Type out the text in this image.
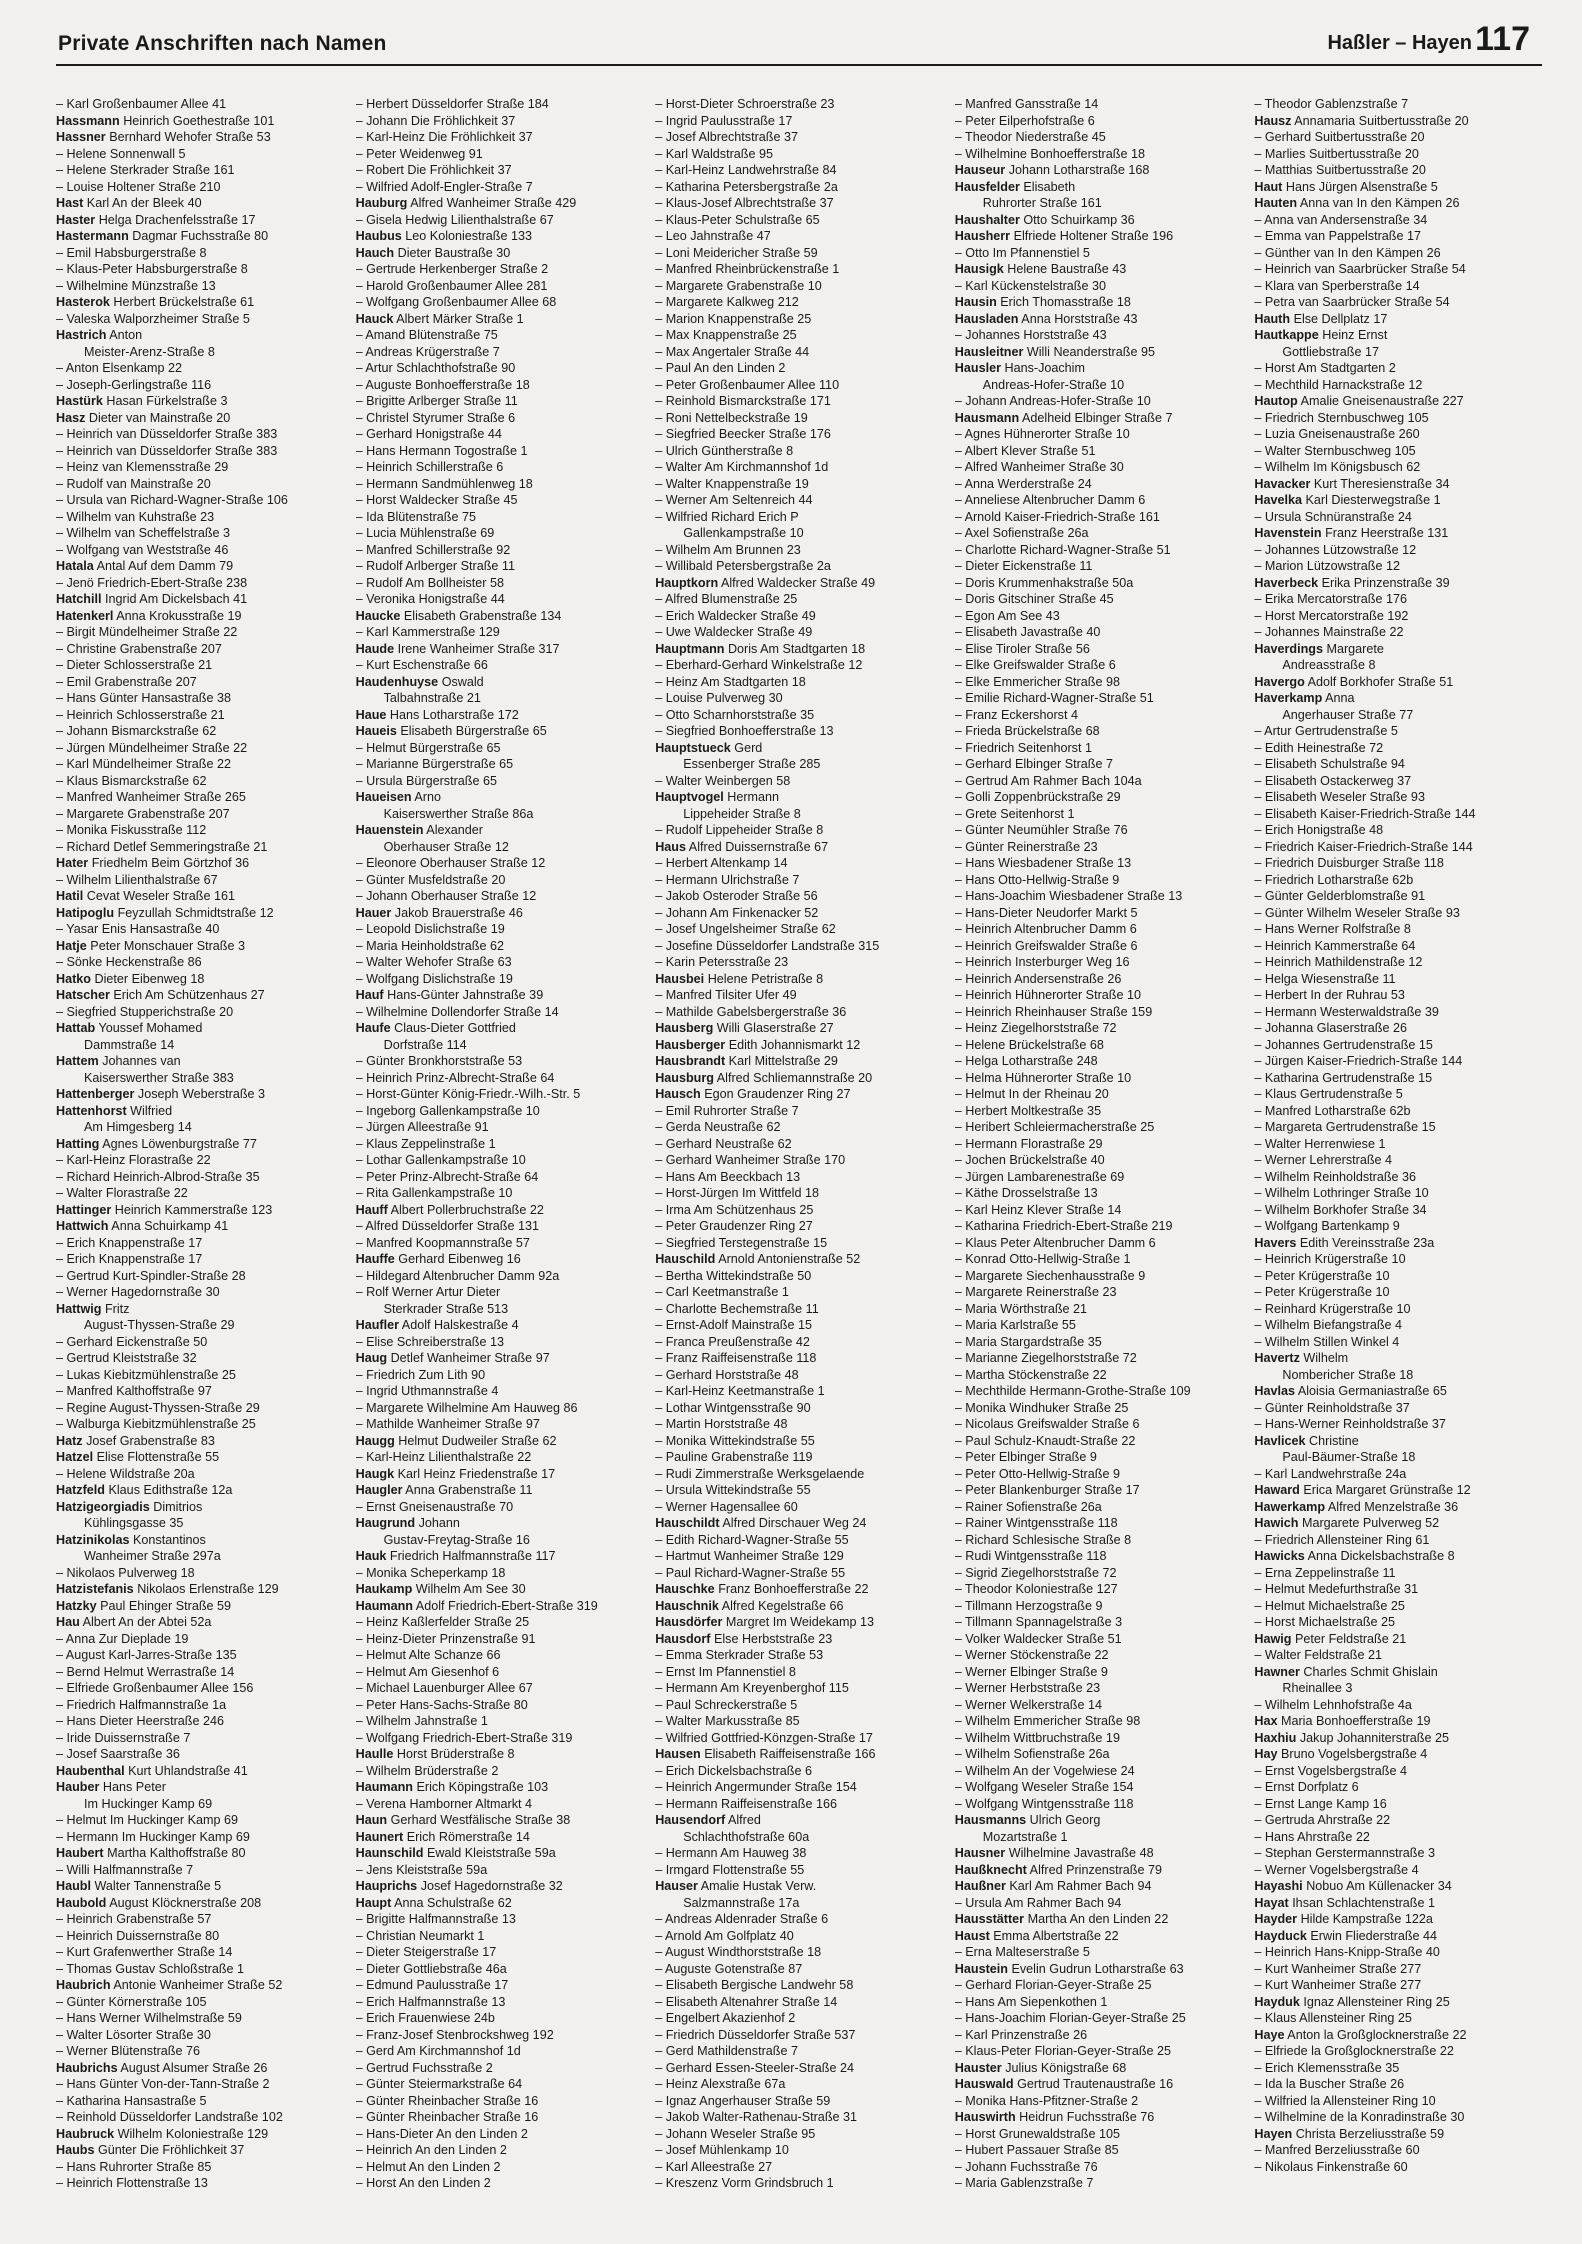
Private Anschriften nach Namen	Haßler – Hayen 117
– Karl Großenbaumer Allee 41
Hassmann Heinrich Goethestraße 101
Hassner Bernhard Wehofer Straße 53
– Helene Sonnenwall 5
– Helene Sterkrader Straße 161
– Louise Holtener Straße 210
Hast Karl An der Bleek 40
Haster Helga Drachenfelsstraße 17
Hastermann Dagmar Fuchsstraße 80
– Emil Habsburgerstraße 8
– Klaus-Peter Habsburgerstraße 8
– Wilhelmine Münzstraße 13
Hasterok Herbert Brückelstraße 61
– Valeska Walporzheimer Straße 5
Hastrich Anton
Meister-Arenz-Straße 8
– Anton Elsenkamp 22
– Joseph-Gerlingstraße 116
Hastürk Hasan Fürkelstraße 3
Hasz Dieter van Mainstraße 20
– Heinrich van Düsseldorfer Straße 383
– Heinrich van Düsseldorfer Straße 383
– Heinz van Klemensstraße 29
– Rudolf van Mainstraße 20
– Ursula van Richard-Wagner-Straße 106
– Wilhelm van Kuhstraße 23
– Wilhelm van Scheffelstraße 3
– Wolfgang van Weststraße 46
Hatala Antal Auf dem Damm 79
– Jenö Friedrich-Ebert-Straße 238
Hatchill Ingrid Am Dickelsbach 41
Hatenkerl Anna Krokusstraße 19
– Birgit Mündelheimer Straße 22
– Christine Grabenstraße 207
– Dieter Schlosserstraße 21
– Emil Grabenstraße 207
– Hans Günter Hansastraße 38
– Heinrich Schlosserstraße 21
– Johann Bismarckstraße 62
– Jürgen Mündelheimer Straße 22
– Karl Mündelheimer Straße 22
– Klaus Bismarckstraße 62
– Manfred Wanheimer Straße 265
– Margarete Grabenstraße 207
– Monika Fiskusstraße 112
– Richard Detlef Semmeringstraße 21
Hater Friedhelm Beim Görtzhof 36
– Wilhelm Lilienthalstraße 67
Hatil Cevat Weseler Straße 161
Hatipoglu Feyzullah Schmidtstraße 12
– Yasar Enis Hansastraße 40
Hatje Peter Monschauer Straße 3
– Sönke Heckenstraße 86
Hatko Dieter Eibenweg 18
Hatscher Erich Am Schützenhaus 27
– Siegfried Stupperichstraße 20
Hattab Youssef Mohamed
Dammstraße 14
Hattem Johannes van
Kaiserswerther Straße 383
Hattenberger Joseph Weberstraße 3
Hattenhorst Wilfried
Am Himgesberg 14
Hatting Agnes Löwenburgstraße 77
– Karl-Heinz Florastraße 22
– Richard Heinrich-Albrod-Straße 35
– Walter Florastraße 22
Hattinger Heinrich Kammerstraße 123
Hattwich Anna Schuirkamp 41
– Erich Knappenstraße 17
– Erich Knappenstraße 17
– Gertrud Kurt-Spindler-Straße 28
– Werner Hagedornstraße 30
Hattwig Fritz
August-Thyssen-Straße 29
– Gerhard Eickenstraße 50
– Gertrud Kleiststraße 32
– Lukas Kiebitzmühlenstraße 25
– Manfred Kalthoffstraße 97
– Regine August-Thyssen-Straße 29
– Walburga Kiebitzmühlenstraße 25
Hatz Josef Grabenstraße 83
Hatzel Elise Flottenstraße 55
– Helene Wildstraße 20a
Hatzfeld Klaus Edithstraße 12a
Hatzigeorgiadis Dimitrios
Kühlingsgasse 35
Hatzinikolas Konstantinos
Wanheimer Straße 297a
– Nikolaos Pulverweg 18
Hatzistefanis Nikolaos Erlenstraße 129
Hatzky Paul Ehinger Straße 59
Hau Albert An der Abtei 52a
– Anna Zur Dieplade 19
– August Karl-Jarres-Straße 135
– Bernd Helmut Werrastraße 14
– Elfriede Großenbaumer Allee 156
– Friedrich Halfmannstraße 1a
– Hans Dieter Heerstraße 246
– Iride Duissernstraße 7
– Josef Saarstraße 36
Haubenthal Kurt Uhlandstraße 41
Hauber Hans Peter
Im Huckinger Kamp 69
– Helmut Im Huckinger Kamp 69
– Hermann Im Huckinger Kamp 69
Haubert Martha Kalthoffstraße 80
– Willi Halfmannstraße 7
Haubl Walter Tannenstraße 5
Haubold August Klöcknerstraße 208
– Heinrich Grabenstraße 57
– Heinrich Duissernstraße 80
– Kurt Grafenwerther Straße 14
– Thomas Gustav Schloßstraße 1
Haubrich Antonie Wanheimer Straße 52
– Günter Körnerstraße 105
– Hans Werner Wilhelmstraße 59
– Walter Lösorter Straße 30
– Werner Blütenstraße 76
Haubrichs August Alsumer Straße 26
– Hans Günter Von-der-Tann-Straße 2
– Katharina Hansastraße 5
– Reinhold Düsseldorfer Landstraße 102
Haubruck Wilhelm Koloniestraße 129
Haubs Günter Die Fröhlichkeit 37
– Hans Ruhrorter Straße 85
– Heinrich Flottenstraße 13
– Herbert Düsseldorfer Straße 184
– Johann Die Fröhlichkeit 37
– Karl-Heinz Die Fröhlichkeit 37
– Peter Weidenweg 91
– Robert Die Fröhlichkeit 37
– Wilfried Adolf-Engler-Straße 7
Hauburg Alfred Wanheimer Straße 429
– Gisela Hedwig Lilienthalstraße 67
Haubus Leo Koloniestraße 133
Hauch Dieter Baustraße 30
– Gertrude Herkenberger Straße 2
– Harold Großenbaumer Allee 281
– Wolfgang Großenbaumer Allee 68
Hauck Albert Märker Straße 1
– Amand Blütenstraße 75
– Andreas Krügerstraße 7
– Artur Schlachthofstraße 90
– Auguste Bonhoefferstraße 18
– Brigitte Arlberger Straße 11
– Christel Styrumer Straße 6
– Gerhard Honigstraße 44
– Hans Hermann Togostraße 1
– Heinrich Schillerstraße 6
– Hermann Sandmühlenweg 18
– Horst Waldecker Straße 45
– Ida Blütenstraße 75
– Lucia Mühlenstraße 69
– Manfred Schillerstraße 92
– Rudolf Arlberger Straße 11
– Rudolf Am Bollheister 58
– Veronika Honigstraße 44
Haucke Elisabeth Grabenstraße 134
– Karl Kammerstraße 129
Haude Irene Wanheimer Straße 317
– Kurt Eschenstraße 66
Haudenhuyse Oswald
Talbahnstraße 21
Haue Hans Lotharstraße 172
Haueis Elisabeth Bürgerstraße 65
– Helmut Bürgerstraße 65
– Marianne Bürgerstraße 65
– Ursula Bürgerstraße 65
Haueisen Arno
Kaiserswerther Straße 86a
Hauenstein Alexander
Oberhauser Straße 12
– Eleonore Oberhauser Straße 12
– Günter Musfeldstraße 20
– Johann Oberhauser Straße 12
Hauer Jakob Brauerstraße 46
– Leopold Dislichstraße 19
– Maria Heinholdstraße 62
– Walter Wehofer Straße 63
– Wolfgang Dislichstraße 19
Hauf Hans-Günter Jahnstraße 39
– Wilhelmine Dollendorfer Straße 14
Haufe Claus-Dieter Gottfried
Dorfstraße 114
– Günter Bronkhorststraße 53
– Heinrich Prinz-Albrecht-Straße 64
– Horst-Günter König-Friedr.-Wilh.-Str. 5
– Ingeborg Gallenkampstraße 10
– Jürgen Alleestraße 91
– Klaus Zeppelinstraße 1
– Lothar Gallenkampstraße 10
– Peter Prinz-Albrecht-Straße 64
– Rita Gallenkampstraße 10
Hauff Albert Pollerbruchstraße 22
– Alfred Düsseldorfer Straße 131
– Manfred Koopmannstraße 57
Hauffe Gerhard Eibenweg 16
– Hildegard Altenbrucher Damm 92a
– Rolf Werner Artur Dieter
Sterkrader Straße 513
Haufler Adolf Halskestraße 4
– Elise Schreiberstraße 13
Haug Detlef Wanheimer Straße 97
– Friedrich Zum Lith 90
– Ingrid Uthmannstraße 4
– Margarete Wilhelmine Am Hauweg 86
– Mathilde Wanheimer Straße 97
Haugg Helmut Dudweiler Straße 62
– Karl-Heinz Lilienthalstraße 22
Haugk Karl Heinz Friedenstraße 17
Haugler Anna Grabenstraße 11
– Ernst Gneisenaustraße 70
Haugrund Johann
Gustav-Freytag-Straße 16
Hauk Friedrich Halfmannstraße 117
– Monika Scheperkamp 18
Haukamp Wilhelm Am See 30
Haumann Adolf Friedrich-Ebert-Straße 319
– Heinz Kaßlerfelder Straße 25
– Heinz-Dieter Prinzenstraße 91
– Helmut Alte Schanze 66
– Helmut Am Giesenhof 6
– Michael Lauenburger Allee 67
– Peter Hans-Sachs-Straße 80
– Wilhelm Jahnstraße 1
– Wolfgang Friedrich-Ebert-Straße 319
Haulle Horst Brüderstraße 8
– Wilhelm Brüderstraße 2
Haumann Erich Köpingstraße 103
– Verena Hamborner Altmarkt 4
Haun Gerhard Westfälische Straße 38
Haunert Erich Römerstraße 14
Haunschild Ewald Kleiststraße 59a
– Jens Kleiststraße 59a
Hauprichs Josef Hagedornstraße 32
Haupt Anna Schulstraße 62
– Brigitte Halfmannstraße 13
– Christian Neumarkt 1
– Dieter Steigerstraße 17
– Dieter Gottliebstraße 46a
– Edmund Paulusstraße 17
– Erich Halfmannstraße 13
– Erich Frauenwiese 24b
– Franz-Josef Stenbrockshweg 192
– Gerd Am Kirchmannshof 1d
– Gertrud Fuchsstraße 2
– Günter Steiermarkstraße 64
– Günter Rheinbacher Straße 16
– Günter Rheinbacher Straße 16
– Hans-Dieter An den Linden 2
– Heinrich An den Linden 2
– Helmut An den Linden 2
– Horst An den Linden 2
– Horst-Dieter Schroerstraße 23
– Ingrid Paulusstraße 17
– Josef Albrechtstraße 37
– Karl Waldstraße 95
– Karl-Heinz Landwehrstraße 84
– Katharina Petersbergstraße 2a
– Klaus-Josef Albrechtstraße 37
– Klaus-Peter Schulstraße 65
– Leo Jahnstraße 47
– Loni Meidericher Straße 59
– Manfred Rheinbrückenstraße 1
– Margarete Grabenstraße 10
– Margarete Kalkweg 212
– Marion Knappenstraße 25
– Max Knappenstraße 25
– Max Angertaler Straße 44
– Paul An den Linden 2
– Peter Großenbaumer Allee 110
– Reinhold Bismarckstraße 171
– Roni Nettelbeckstraße 19
– Siegfried Beecker Straße 176
– Ulrich Güntherstraße 8
– Walter Am Kirchmannshof 1d
– Walter Knappenstraße 19
– Werner Am Seltenreich 44
– Wilfried Richard Erich P
Gallenkampstraße 10
– Wilhelm Am Brunnen 23
– Willibald Petersbergstraße 2a
Hauptkorn Alfred Waldecker Straße 49
– Alfred Blumenstraße 25
– Erich Waldecker Straße 49
– Uwe Waldecker Straße 49
Hauptmann Doris Am Stadtgarten 18
– Eberhard-Gerhard Winkelstraße 12
– Heinz Am Stadtgarten 18
– Louise Pulverweg 30
– Otto Scharnhorststraße 35
– Siegfried Bonhoefferstraße 13
Hauptstueck Gerd
Essenberger Straße 285
– Walter Weinbergen 58
Hauptvogel Hermann
Lippeheider Straße 8
– Rudolf Lippeheider Straße 8
Haus Alfred Duissernstraße 67
– Herbert Altenkamp 14
– Hermann Ulrichstraße 7
– Jakob Osteroder Straße 56
– Johann Am Finkenacker 52
– Josef Ungelsheimer Straße 62
– Josefine Düsseldorfer Landstraße 315
– Karin Petersstraße 23
Hausbei Helene Petristraße 8
– Manfred Tilsiter Ufer 49
– Mathilde Gabelsbergerstraße 36
Hausberg Willi Glaserstraße 27
Hausberger Edith Johannismarkt 12
Hausbrandt Karl Mittelstraße 29
Hausburg Alfred Schliemannstraße 20
Hausch Egon Graudenzer Ring 27
– Emil Ruhrorter Straße 7
– Gerda Neustraße 62
– Gerhard Neustraße 62
– Gerhard Wanheimer Straße 170
– Hans Am Beeckbach 13
– Horst-Jürgen Im Wittfeld 18
– Irma Am Schützenhaus 25
– Peter Graudenzer Ring 27
– Siegfried Terstegenstraße 15
Hauschild Arnold Antonienstraße 52
– Bertha Wittekindstraße 50
– Carl Keetmanstraße 1
– Charlotte Bechemstraße 11
– Ernst-Adolf Mainstraße 15
– Franca Preußenstraße 42
– Franz Raiffeisenstraße 118
– Gerhard Horststraße 48
– Karl-Heinz Keetmanstraße 1
– Lothar Wintgensstraße 90
– Martin Horststraße 48
– Monika Wittekindstraße 55
– Pauline Grabenstraße 119
– Rudi Zimmerstraße Werksgelaende
– Ursula Wittekindstraße 55
– Werner Hagensallee 60
Hauschildt Alfred Dirschauer Weg 24
– Edith Richard-Wagner-Straße 55
– Hartmut Wanheimer Straße 129
– Paul Richard-Wagner-Straße 55
Hauschke Franz Bonhoefferstraße 22
Hauschnik Alfred Kegelstraße 66
Hausdörfer Margret Im Weidekamp 13
Hausdorf Else Herbststraße 23
– Emma Sterkrader Straße 53
– Ernst Im Pfannenstiel 8
– Hermann Am Kreyenberghof 115
– Paul Schreckerstraße 5
– Walter Markusstraße 85
– Wilfried Gottfried-Könzgen-Straße 17
Hausen Elisabeth Raiffeisenstraße 166
– Erich Dickelsbachstraße 6
– Heinrich Angermunder Straße 154
– Hermann Raiffeisenstraße 166
Hausendorf Alfred
Schlachthofstraße 60a
– Hermann Am Hauweg 38
– Irmgard Flottenstraße 55
Hauser Amalie Hustak Verw.
Salzmannstraße 17a
– Andreas Aldenrader Straße 6
– Arnold Am Golfplatz 40
– August Windthorststraße 18
– Auguste Gotenstraße 87
– Elisabeth Bergische Landwehr 58
– Elisabeth Altenahrer Straße 14
– Engelbert Akazienhof 2
– Friedrich Düsseldorfer Straße 537
– Gerd Mathildenstraße 7
– Gerhard Essen-Steeler-Straße 24
– Heinz Alexstraße 67a
– Ignaz Angerhauser Straße 59
– Jakob Walter-Rathenau-Straße 31
– Johann Weseler Straße 95
– Josef Mühlenkamp 10
– Karl Alleestraße 27
– Kreszenz Vorm Grindsbruch 1
– Manfred Gansstraße 14
– Peter Eilperhofstraße 6
– Theodor Niederstraße 45
– Wilhelmine Bonhoefferstraße 18
Hauseur Johann Lotharstraße 168
Hausfelder Elisabeth
Ruhrorter Straße 161
Haushalter Otto Schuirkamp 36
Hausherr Elfriede Holtener Straße 196
– Otto Im Pfannenstiel 5
Hausigk Helene Baustraße 43
– Karl Kückenstelstraße 30
Hausin Erich Thomasstraße 18
Hausladen Anna Horststraße 43
– Johannes Horststraße 43
Hausleitner Willi Neanderstraße 95
Hausler Hans-Joachim
Andreas-Hofer-Straße 10
– Johann Andreas-Hofer-Straße 10
Hausmann Adelheid Elbinger Straße 7
– Agnes Hühnerorter Straße 10
– Albert Klever Straße 51
– Alfred Wanheimer Straße 30
– Anna Werderstraße 24
– Anneliese Altenbrucher Damm 6
– Arnold Kaiser-Friedrich-Straße 161
– Axel Sofienstraße 26a
– Charlotte Richard-Wagner-Straße 51
– Dieter Eickenstraße 11
– Doris Krummenhakstraße 50a
– Doris Gitschiner Straße 45
– Egon Am See 43
– Elisabeth Javastraße 40
– Elise Tiroler Straße 56
– Elke Greifswalder Straße 6
– Elke Emmericher Straße 98
– Emilie Richard-Wagner-Straße 51
– Franz Eckershorst 4
– Frieda Brückelstraße 68
– Friedrich Seitenhorst 1
– Gerhard Elbinger Straße 7
– Gertrud Am Rahmer Bach 104a
– Golli Zoppenbrückstraße 29
– Grete Seitenhorst 1
– Günter Neumühler Straße 76
– Günter Reinerstraße 23
– Hans Wiesbadener Straße 13
– Hans Otto-Hellwig-Straße 9
– Hans-Joachim Wiesbadener Straße 13
– Hans-Dieter Neudorfer Markt 5
– Heinrich Altenbrucher Damm 6
– Heinrich Greifswalder Straße 6
– Heinrich Insterburger Weg 16
– Heinrich Andersenstraße 26
– Heinrich Hühnerorter Straße 10
– Heinrich Rheinhauser Straße 159
– Heinz Ziegelhorststraße 72
– Helene Brückelstraße 68
– Helga Lotharstraße 248
– Helma Hühnerorter Straße 10
– Helmut In der Rheinau 20
– Herbert Moltkestraße 35
– Heribert Schleiermacherstraße 25
– Hermann Florastraße 29
– Jochen Brückelstraße 40
– Jürgen Lambarenestraße 69
– Käthe Drosselstraße 13
– Karl Heinz Klever Straße 14
– Katharina Friedrich-Ebert-Straße 219
– Klaus Peter Altenbrucher Damm 6
– Konrad Otto-Hellwig-Straße 1
– Margarete Siechenhausstraße 9
– Margarete Reinerstraße 23
– Maria Wörthstraße 21
– Maria Karlstraße 55
– Maria Stargardstraße 35
– Marianne Ziegelhorststraße 72
– Martha Stöckenstraße 22
– Mechthilde Hermann-Grothe-Straße 109
– Monika Windhuker Straße 25
– Nicolaus Greifswalder Straße 6
– Paul Schulz-Knaudt-Straße 22
– Peter Elbinger Straße 9
– Peter Otto-Hellwig-Straße 9
– Peter Blankenburger Straße 17
– Rainer Sofienstraße 26a
– Rainer Wintgensstraße 118
– Richard Schlesische Straße 8
– Rudi Wintgensstraße 118
– Sigrid Ziegelhorststraße 72
– Theodor Koloniestraße 127
– Tillmann Herzogstraße 9
– Tillmann Spannagelstraße 3
– Volker Waldecker Straße 51
– Werner Stöckenstraße 22
– Werner Elbinger Straße 9
– Werner Herbststraße 23
– Werner Welkerstraße 14
– Wilhelm Emmericher Straße 98
– Wilhelm Wittbruchstraße 19
– Wilhelm Sofienstraße 26a
– Wilhelm An der Vogelwiese 24
– Wolfgang Weseler Straße 154
– Wolfgang Wintgensstraße 118
Hausmanns Ulrich Georg
Mozartstraße 1
Hausner Wilhelmine Javastraße 48
Haußknecht Alfred Prinzenstraße 79
Haußner Karl Am Rahmer Bach 94
– Ursula Am Rahmer Bach 94
Hausstätter Martha An den Linden 22
Haust Emma Albertstraße 22
– Erna Malteserstraße 5
Haustein Evelin Gudrun Lotharstraße 63
– Gerhard Florian-Geyer-Straße 25
– Hans Am Siepenkothen 1
– Hans-Joachim Florian-Geyer-Straße 25
– Karl Prinzenstraße 26
– Klaus-Peter Florian-Geyer-Straße 25
Hauster Julius Königstraße 68
Hauswald Gertrud Trautenaustraße 16
– Monika Hans-Pfitzner-Straße 2
Hauswirth Heidrun Fuchsstraße 76
– Horst Grunewaldstraße 105
– Hubert Passauer Straße 85
– Johann Fuchsstraße 76
– Maria Gablenzstraße 7
– Theodor Gablenzstraße 7
Hausz Annamaria Suitbertusstraße 20
– Gerhard Suitbertusstraße 20
– Marlies Suitbertusstraße 20
– Matthias Suitbertusstraße 20
Haut Hans Jürgen Alsenstraße 5
Hauten Anna van In den Kämpen 26
– Anna van Andersenstraße 34
– Emma van Pappelstraße 17
– Günther van In den Kämpen 26
– Heinrich van Saarbrücker Straße 54
– Klara van Sperberstraße 14
– Petra van Saarbrücker Straße 54
Hauth Else Dellplatz 17
Hautkappe Heinz Ernst
Gottliebstraße 17
– Horst Am Stadtgarten 2
– Mechthild Harnackstraße 12
Hautop Amalie Gneisenaustraße 227
– Friedrich Sternbuschweg 105
– Luzia Gneisenaustraße 260
– Walter Sternbuschweg 105
– Wilhelm Im Königsbusch 62
Havacker Kurt Theresienstraße 34
Havelka Karl Diesterwegstraße 1
– Ursula Schnüranstraße 24
Havenstein Franz Heerstraße 131
– Johannes Lützowstraße 12
– Marion Lützowstraße 12
Haverbeck Erika Prinzenstraße 39
– Erika Mercatorstraße 176
– Horst Mercatorstraße 192
– Johannes Mainstraße 22
Haverdings Margarete
Andreasstraße 8
Havergo Adolf Borkhofer Straße 51
Haverkamp Anna
Angerhauser Straße 77
– Artur Gertrudenstraße 5
– Edith Heinestraße 72
– Elisabeth Schulstraße 94
– Elisabeth Ostackerweg 37
– Elisabeth Weseler Straße 93
– Elisabeth Kaiser-Friedrich-Straße 144
– Erich Honigstraße 48
– Friedrich Kaiser-Friedrich-Straße 144
– Friedrich Duisburger Straße 118
– Friedrich Lotharstraße 62b
– Günter Gelderblomstraße 91
– Günter Wilhelm Weseler Straße 93
– Hans Werner Rolfstraße 8
– Heinrich Kammerstraße 64
– Heinrich Mathildenstraße 12
– Helga Wiesenstraße 11
– Herbert In der Ruhrau 53
– Hermann Westerwaldstraße 39
– Johanna Glaserstraße 26
– Johannes Gertrudenstraße 15
– Jürgen Kaiser-Friedrich-Straße 144
– Katharina Gertrudenstraße 15
– Klaus Gertrudenstraße 5
– Manfred Lotharstraße 62b
– Margareta Gertrudenstraße 15
– Walter Herrenwiese 1
– Werner Lehrerstraße 4
– Wilhelm Reinholdstraße 36
– Wilhelm Lothringer Straße 10
– Wilhelm Borkhofer Straße 34
– Wolfgang Bartenkamp 9
Havers Edith Vereinsstraße 23a
– Heinrich Krügerstraße 10
– Peter Krügerstraße 10
– Peter Krügerstraße 10
– Reinhard Krügerstraße 10
– Wilhelm Biefangstraße 4
– Wilhelm Stillen Winkel 4
Havertz Wilhelm
Nombericher Straße 18
Havlas Aloisia Germaniastraße 65
– Günter Reinholdstraße 37
– Hans-Werner Reinholdstraße 37
Havlicek Christine
Paul-Bäumer-Straße 18
– Karl Landwehrstraße 24a
Haward Erica Margaret Grünstraße 12
Hawerkamp Alfred Menzelstraße 36
Hawich Margarete Pulverweg 52
– Friedrich Allensteiner Ring 61
Hawicks Anna Dickelsbachstraße 8
– Erna Zeppelinstraße 11
– Helmut Medefurthstraße 31
– Helmut Michaelstraße 25
– Horst Michaelstraße 25
Hawig Peter Feldstraße 21
– Walter Feldstraße 21
Hawner Charles Schmit Ghislain
Rheinallee 3
– Wilhelm Lehnhofstraße 4a
Hax Maria Bonhoefferstraße 19
Haxhiu Jakup Johanniterstraße 25
Hay Bruno Vogelsbergstraße 4
– Ernst Vogelsbergstraße 4
– Ernst Dorfplatz 6
– Ernst Lange Kamp 16
– Gertruda Ahrstraße 22
– Hans Ahrstraße 22
– Stephan Gerstermannstraße 3
– Werner Vogelsbergstraße 4
Hayashi Nobuo Am Küllenacker 34
Hayat Ihsan Schlachtenstraße 1
Hayder Hilde Kampstraße 122a
Hayduck Erwin Fliederstraße 44
– Heinrich Hans-Knipp-Straße 40
– Kurt Wanheimer Straße 277
– Kurt Wanheimer Straße 277
Hayduk Ignaz Allensteiner Ring 25
– Klaus Allensteiner Ring 25
Haye Anton la Großglocknerstraße 22
– Elfriede la Großglocknerstraße 22
– Erich Klemensstraße 35
– Ida la Buscher Straße 26
– Wilfried la Allensteiner Ring 10
– Wilhelmine de la Konradinstraße 30
Hayen Christa Berzeliusstraße 59
– Manfred Berzeliusstraße 60
– Nikolaus Finkenstraße 60
